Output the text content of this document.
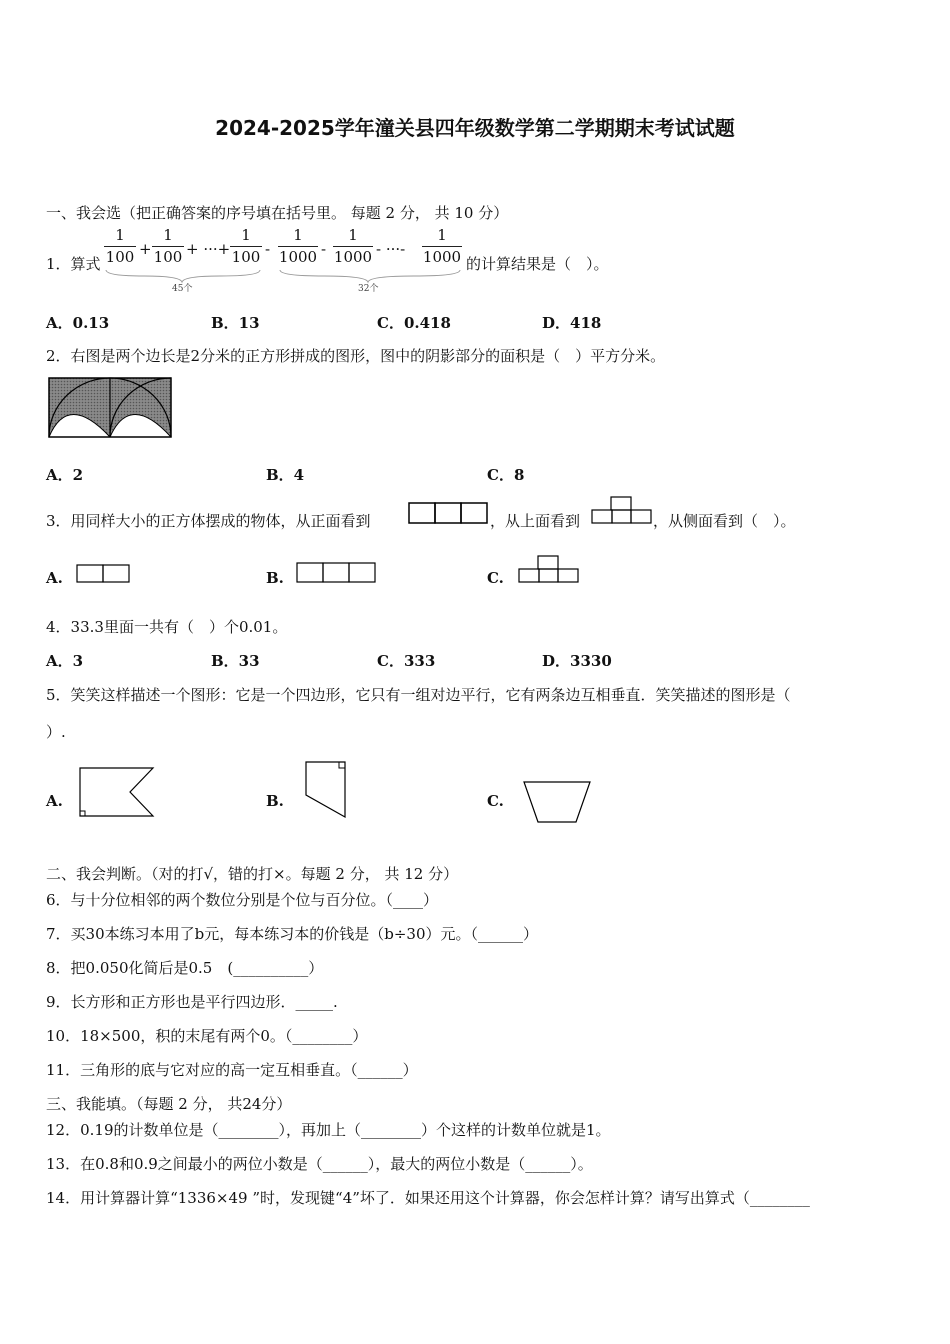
2024-2025学年潼关县四年级数学第二学期期末考试试题
一、我会选（把正确答案的序号填在括号里。 每题 2 分， 共 10 分）
1．算式 $\frac{1}{100} + \frac{1}{100}$ + ···+ $\frac{1}{100} - \frac{1}{1000} - \frac{1}{1000}$ - ···- $\frac{1}{1000}$
45个	32个
的计算结果是（　）。
A．0.13	B．13	C．0.418	D．418
2．右图是两个边长是2分米的正方形拼成的图形，图中的阴影部分的面积是（　）平方分米。
A．2	B．4	C．8
3．用同样大小的正方体摆成的物体，从正面看到	，从上面看到	，从侧面看到（　）。
A.	B.	C.
4．33.3里面一共有（　）个0.01。
A．3	B．33	C．333	D．3330
5．笑笑这样描述一个图形：它是一个四边形，它只有一组对边平行，它有两条边互相垂直．笑笑描述的图形是（
）.
A.	B.	C.
二、我会判断。（对的打√，错的打×。每题 2 分， 共 12 分）
6．与十分位相邻的两个数位分别是个位与百分位。（____）
7．买30本练习本用了b元，每本练习本的价钱是（b÷30）元。（______）
8．把0.050化简后是0.5　(__________）
9．长方形和正方形也是平行四边形．_____.
10．18×500，积的末尾有两个0。（________）
11．三角形的底与它对应的高一定互相垂直。（______）
三、我能填。（每题 2 分， 共24分）
12．0.19的计数单位是（________），再加上（________）个这样的计数单位就是1。
13．在0.8和0.9之间最小的两位小数是（______），最大的两位小数是（______）。
14．用计算器计算“1336×49 ”时，发现键“4”坏了．如果还用这个计算器，你会怎样计算？请写出算式（________
